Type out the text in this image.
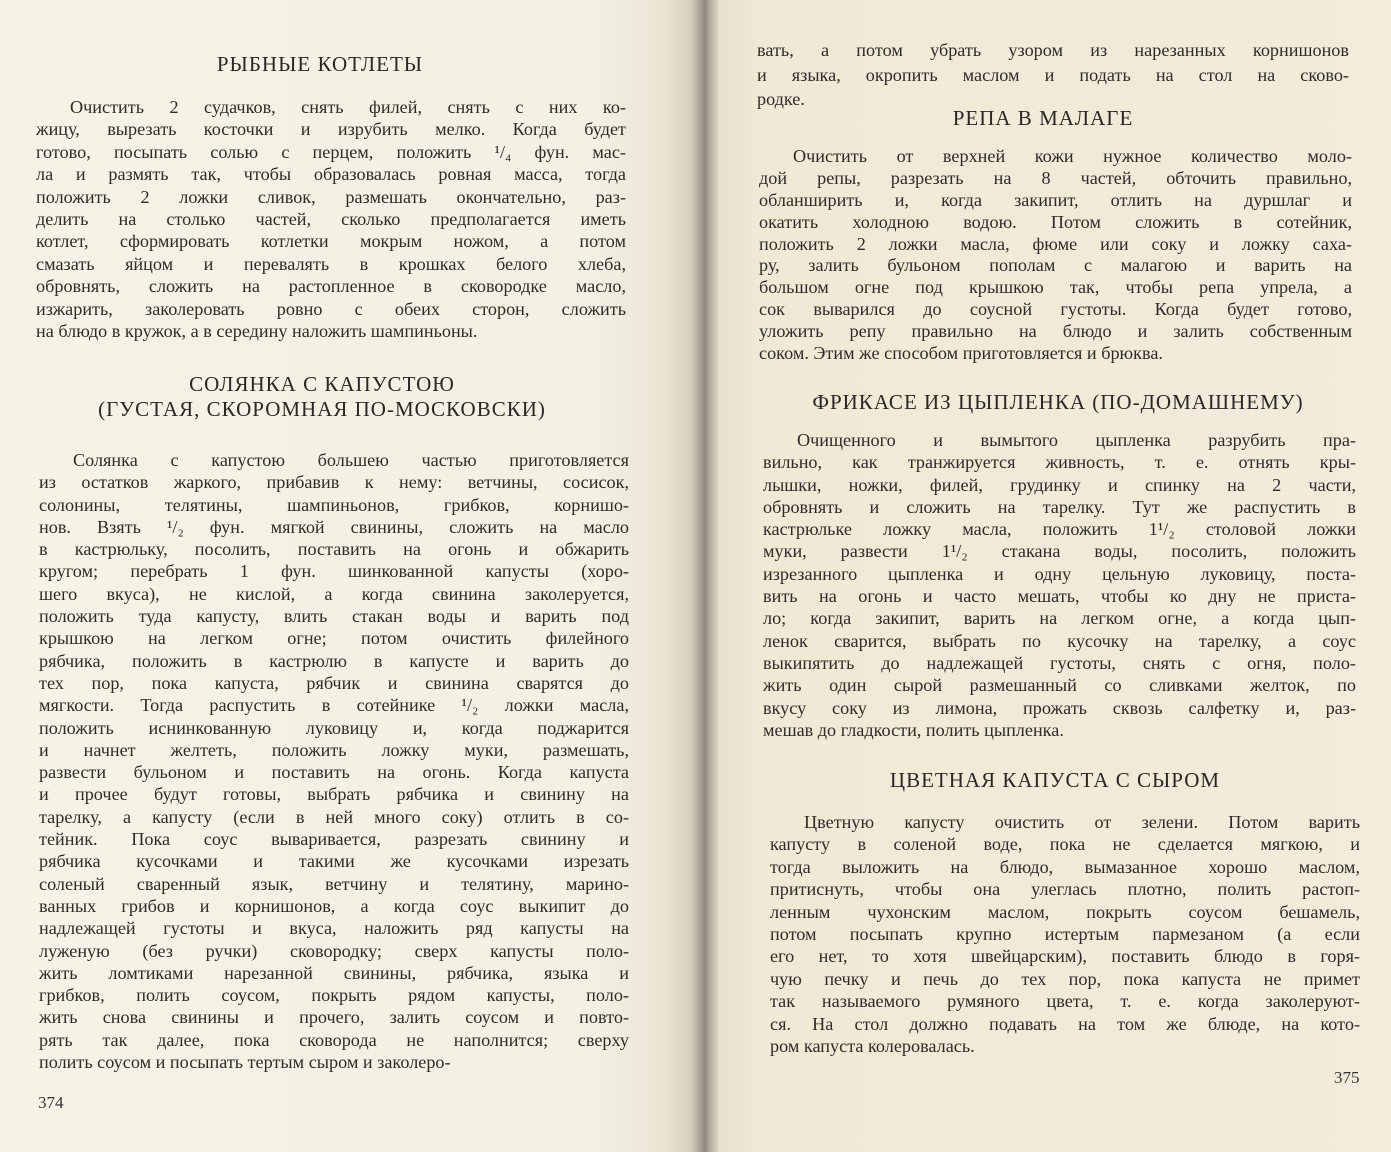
РЫБНЫЕ КОТЛЕТЫ
Очистить 2 судачков, снять филей, снять с них ко-
жицу, вырезать косточки и изрубить мелко. Когда будет
готово, посыпать солью с перцем, положить ¹/₄ фун. мас-
ла и размять так, чтобы образовалась ровная масса, тогда
положить 2 ложки сливок, размешать окончательно, раз-
делить на столько частей, сколько предполагается иметь
котлет, сформировать котлетки мокрым ножом, а потом
смазать яйцом и перевалять в крошках белого хлеба,
обровнять, сложить на растопленное в сковородке масло,
изжарить, заколеровать ровно с обеих сторон, сложить
на блюдо в кружок, а в середину наложить шампиньоны.
СОЛЯНКА С КАПУСТОЮ
(ГУСТАЯ, СКОРОМНАЯ ПО-МОСКОВСКИ)
Солянка с капустою большею частью приготовляется
из остатков жаркого, прибавив к нему: ветчины, сосисок,
солонины, телятины, шампиньонов, грибков, корнишо-
нов. Взять ¹/₂ фун. мягкой свинины, сложить на масло
в кастрюльку, посолить, поставить на огонь и обжарить
кругом; перебрать 1 фун. шинкованной капусты (хоро-
шего вкуса), не кислой, а когда свинина заколеруется,
положить туда капусту, влить стакан воды и варить под
крышкою на легком огне; потом очистить филейного
рябчика, положить в кастрюлю в капусте и варить до
тех пор, пока капуста, рябчик и свинина сварятся до
мягкости. Тогда распустить в сотейнике ¹/₂ ложки масла,
положить иснинкованную луковицу и, когда поджарится
и начнет желтеть, положить ложку муки, размешать,
развести бульоном и поставить на огонь. Когда капуста
и прочее будут готовы, выбрать рябчика и свинину на
тарелку, а капусту (если в ней много соку) отлить в со-
тейник. Пока соус вываривается, разрезать свинину и
рябчика кусочками и такими же кусочками изрезать
соленый сваренный язык, ветчину и телятину, марино-
ванных грибов и корнишонов, а когда соус выкипит до
надлежащей густоты и вкуса, наложить ряд капусты на
луженую (без ручки) сковородку; сверх капусты поло-
жить ломтиками нарезанной свинины, рябчика, языка и
грибков, полить соусом, покрыть рядом капусты, поло-
жить снова свинины и прочего, залить соусом и повто-
рять так далее, пока сковорода не наполнится; сверху
полить соусом и посыпать тертым сыром и заколеро-
вать, а потом убрать узором из нарезанных корнишонов
и языка, окропить маслом и подать на стол на сково-
родке.
РЕПА В МАЛАГЕ
Очистить от верхней кожи нужное количество моло-
дой репы, разрезать на 8 частей, обточить правильно,
обланширить и, когда закипит, отлить на дуршлаг и
окатить холодною водою. Потом сложить в сотейник,
положить 2 ложки масла, фюме или соку и ложку саха-
ру, залить бульоном пополам с малагою и варить на
большом огне под крышкою так, чтобы репа упрела, а
сок выварился до соусной густоты. Когда будет готово,
уложить репу правильно на блюдо и залить собственным
соком. Этим же способом приготовляется и брюква.
ФРИКАСЕ ИЗ ЦЫПЛЕНКА (ПО-ДОМАШНЕМУ)
Очищенного и вымытого цыпленка разрубить пра-
вильно, как транжируется живность, т. е. отнять кры-
лышки, ножки, филей, грудинку и спинку на 2 части,
обровнять и сложить на тарелку. Тут же распустить в
кастрюльке ложку масла, положить 1¹/₂ столовой ложки
муки, развести 1¹/₂ стакана воды, посолить, положить
изрезанного цыпленка и одну цельную луковицу, поста-
вить на огонь и часто мешать, чтобы ко дну не приста-
ло; когда закипит, варить на легком огне, а когда цып-
ленок сварится, выбрать по кусочку на тарелку, а соус
выкипятить до надлежащей густоты, снять с огня, поло-
жить один сырой размешанный со сливками желток, по
вкусу соку из лимона, прожать сквозь салфетку и, раз-
мешав до гладкости, полить цыпленка.
ЦВЕТНАЯ КАПУСТА С СЫРОМ
Цветную капусту очистить от зелени. Потом варить
капусту в соленой воде, пока не сделается мягкою, и
тогда выложить на блюдо, вымазанное хорошо маслом,
притиснуть, чтобы она улеглась плотно, полить растоп-
ленным чухонским маслом, покрыть соусом бешамель,
потом посыпать крупно истертым пармезаном (а если
его нет, то хотя швейцарским), поставить блюдо в горя-
чую печку и печь до тех пор, пока капуста не примет
так называемого румяного цвета, т. е. когда заколеруют-
ся. На стол должно подавать на том же блюде, на кото-
ром капуста колеровалась.
374
375
